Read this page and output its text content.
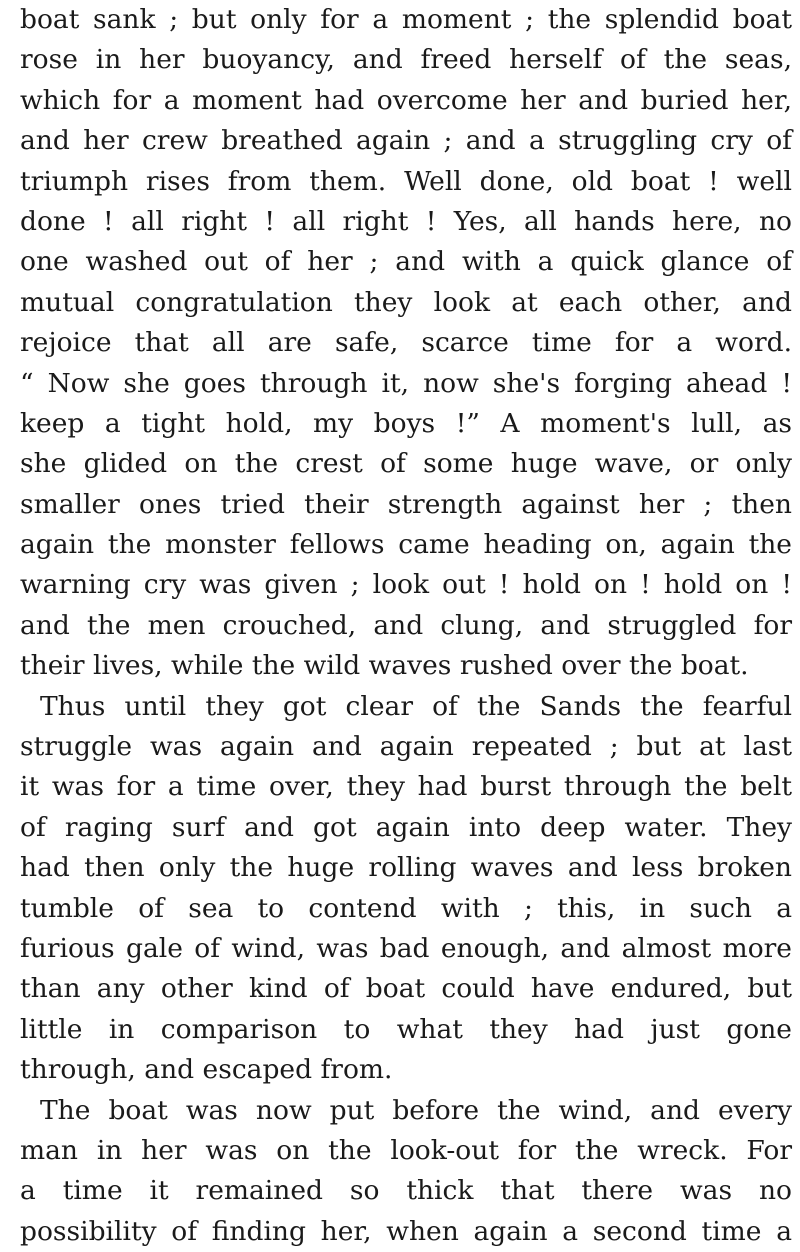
boat sank ; but only for a moment ; the splendid boat
rose in her buoyancy, and freed herself of the seas,
which for a moment had overcome her and buried her,
and her crew breathed again ; and a struggling cry of
triumph rises from them. Well done, old boat ! well
done ! all right ! all right ! Yes, all hands here, no
one washed out of her ; and with a quick glance of
mutual congratulation they look at each other, and
rejoice that all are safe, scarce time for a word.
“ Now she goes through it, now she's forging ahead !
keep a tight hold, my boys !” A moment's lull, as
she glided on the crest of some huge wave, or only
smaller ones tried their strength against her ; then
again the monster fellows came heading on, again the
warning cry was given ; look out ! hold on ! hold on !
and the men crouched, and clung, and struggled for
their lives, while the wild waves rushed over the boat.
Thus until they got clear of the Sands the fearful
struggle was again and again repeated ; but at last
it was for a time over, they had burst through the belt
of raging surf and got again into deep water. They
had then only the huge rolling waves and less broken
tumble of sea to contend with ; this, in such a
furious gale of wind, was bad enough, and almost more
than any other kind of boat could have endured, but
little in comparison to what they had just gone
through, and escaped from.
The boat was now put before the wind, and every
man in her was on the look-out for the wreck. For
a time it remained so thick that there was no
possibility of finding her, when again a second time a
